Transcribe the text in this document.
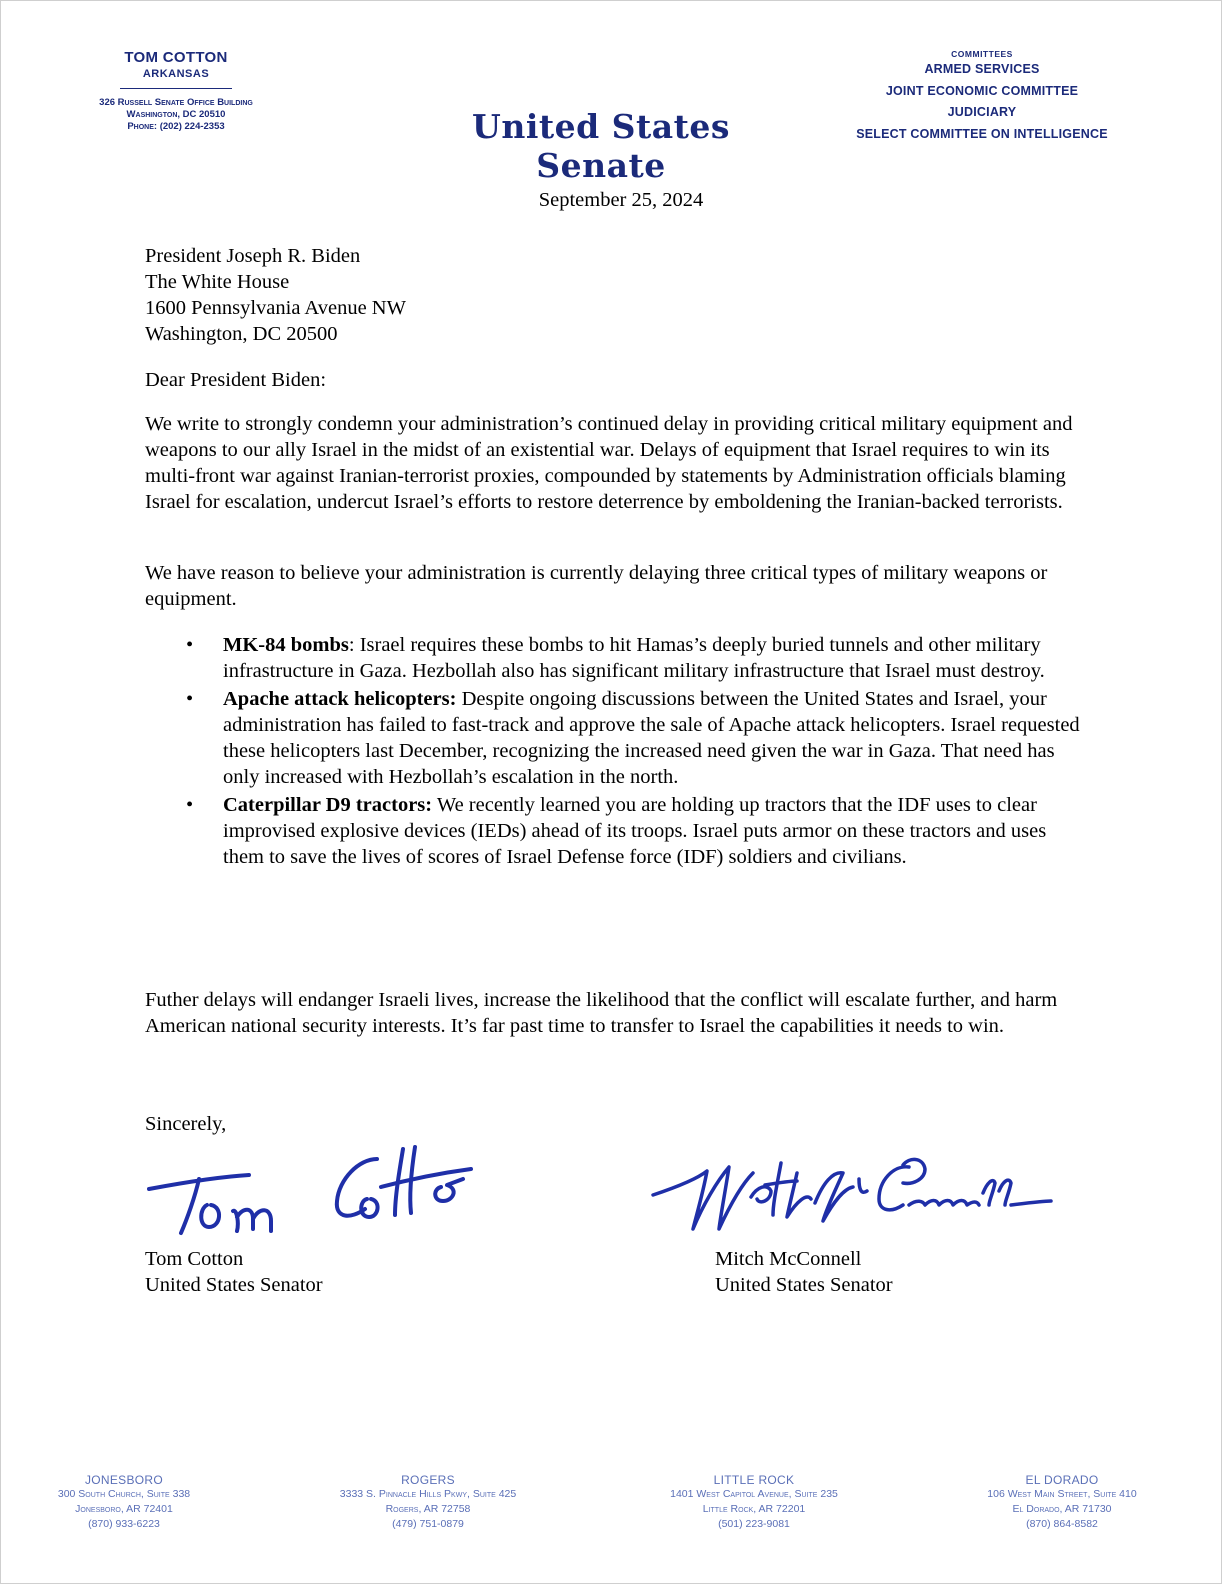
TOM COTTON
ARKANSAS
326 Russell Senate Office Building
Washington, DC 20510
Phone: (202) 224-2353	United States Senate
COMMITTEES
ARMED SERVICES
JOINT ECONOMIC COMMITTEE
JUDICIARY
SELECT COMMITTEE ON INTELLIGENCE
September 25, 2024
President Joseph R. Biden
The White House
1600 Pennsylvania Avenue NW
Washington, DC 20500
Dear President Biden:
We write to strongly condemn your administration’s continued delay in providing critical military equipment and weapons to our ally Israel in the midst of an existential war. Delays of equipment that Israel requires to win its multi-front war against Iranian-terrorist proxies, compounded by statements by Administration officials blaming Israel for escalation, undercut Israel’s efforts to restore deterrence by emboldening the Iranian-backed terrorists.
We have reason to believe your administration is currently delaying three critical types of military weapons or equipment.
• MK-84 bombs: Israel requires these bombs to hit Hamas’s deeply buried tunnels and other military infrastructure in Gaza. Hezbollah also has significant military infrastructure that Israel must destroy.
• Apache attack helicopters: Despite ongoing discussions between the United States and Israel, your administration has failed to fast-track and approve the sale of Apache attack helicopters. Israel requested these helicopters last December, recognizing the increased need given the war in Gaza. That need has only increased with Hezbollah’s escalation in the north.
• Caterpillar D9 tractors: We recently learned you are holding up tractors that the IDF uses to clear improvised explosive devices (IEDs) ahead of its troops. Israel puts armor on these tractors and uses them to save the lives of scores of Israel Defense force (IDF) soldiers and civilians.
Futher delays will endanger Israeli lives, increase the likelihood that the conflict will escalate further, and harm American national security interests. It’s far past time to transfer to Israel the capabilities it needs to win.
Sincerely,
Tom Cotton
United States Senator
Mitch McConnell
United States Senator
JONESBORO
300 South Church, Suite 338
Jonesboro, AR 72401
(870) 933-6223
ROGERS
3333 S. Pinnacle Hills Pkwy, Suite 425
Rogers, AR 72758
(479) 751-0879
LITTLE ROCK
1401 West Capitol Avenue, Suite 235
Little Rock, AR 72201
(501) 223-9081
EL DORADO
106 West Main Street, Suite 410
El Dorado, AR 71730
(870) 864-8582
